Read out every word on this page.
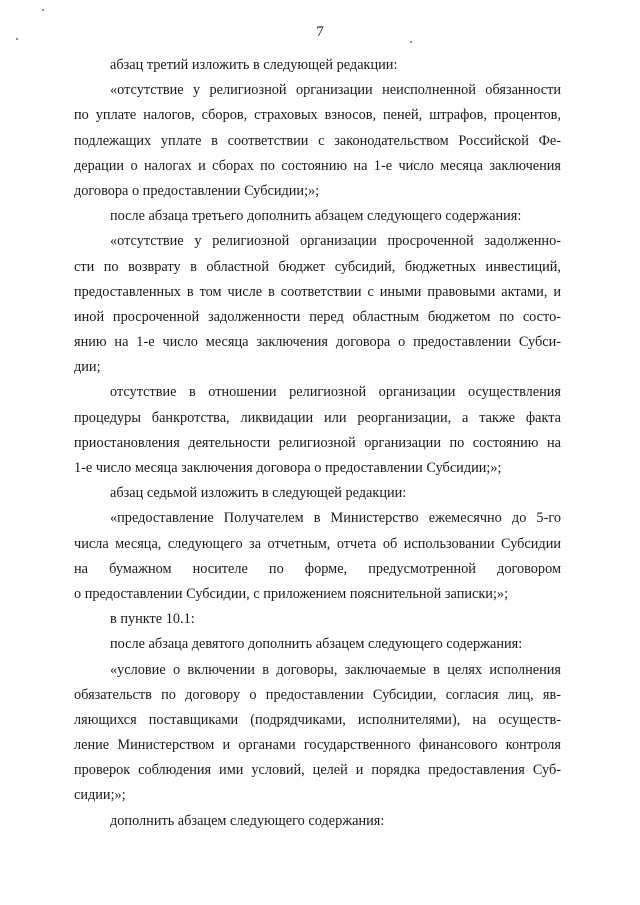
7
абзац третий изложить в следующей редакции:
«отсутствие у религиозной организации неисполненной обязанности
по уплате налогов, сборов, страховых взносов, пеней, штрафов, процентов,
подлежащих уплате в соответствии с законодательством Российской Фе-
дерации о налогах и сборах по состоянию на 1-е число месяца заключения
договора о предоставлении Субсидии;»;
после абзаца третьего дополнить абзацем следующего содержания:
«отсутствие у религиозной организации просроченной задолженно-
сти по возврату в областной бюджет субсидий, бюджетных инвестиций,
предоставленных в том числе в соответствии с иными правовыми актами, и
иной просроченной задолженности перед областным бюджетом по состо-
янию на 1-е число месяца заключения договора о предоставлении Субси-
дии;
отсутствие в отношении религиозной организации осуществления
процедуры банкротства, ликвидации или реорганизации, а также факта
приостановления деятельности религиозной организации по состоянию на
1-е число месяца заключения договора о предоставлении Субсидии;»;
абзац седьмой изложить в следующей редакции:
«предоставление Получателем в Министерство ежемесячно до 5-го
числа месяца, следующего за отчетным, отчета об использовании Субсидии
на бумажном носителе по форме, предусмотренной договором
о предоставлении Субсидии, с приложением пояснительной записки;»;
в пункте 10.1:
после абзаца девятого дополнить абзацем следующего содержания:
«условие о включении в договоры, заключаемые в целях исполнения
обязательств по договору о предоставлении Субсидии, согласия лиц, яв-
ляющихся поставщиками (подрядчиками, исполнителями), на осуществ-
ление Министерством и органами государственного финансового контроля
проверок соблюдения ими условий, целей и порядка предоставления Суб-
сидии;»;
дополнить абзацем следующего содержания:
